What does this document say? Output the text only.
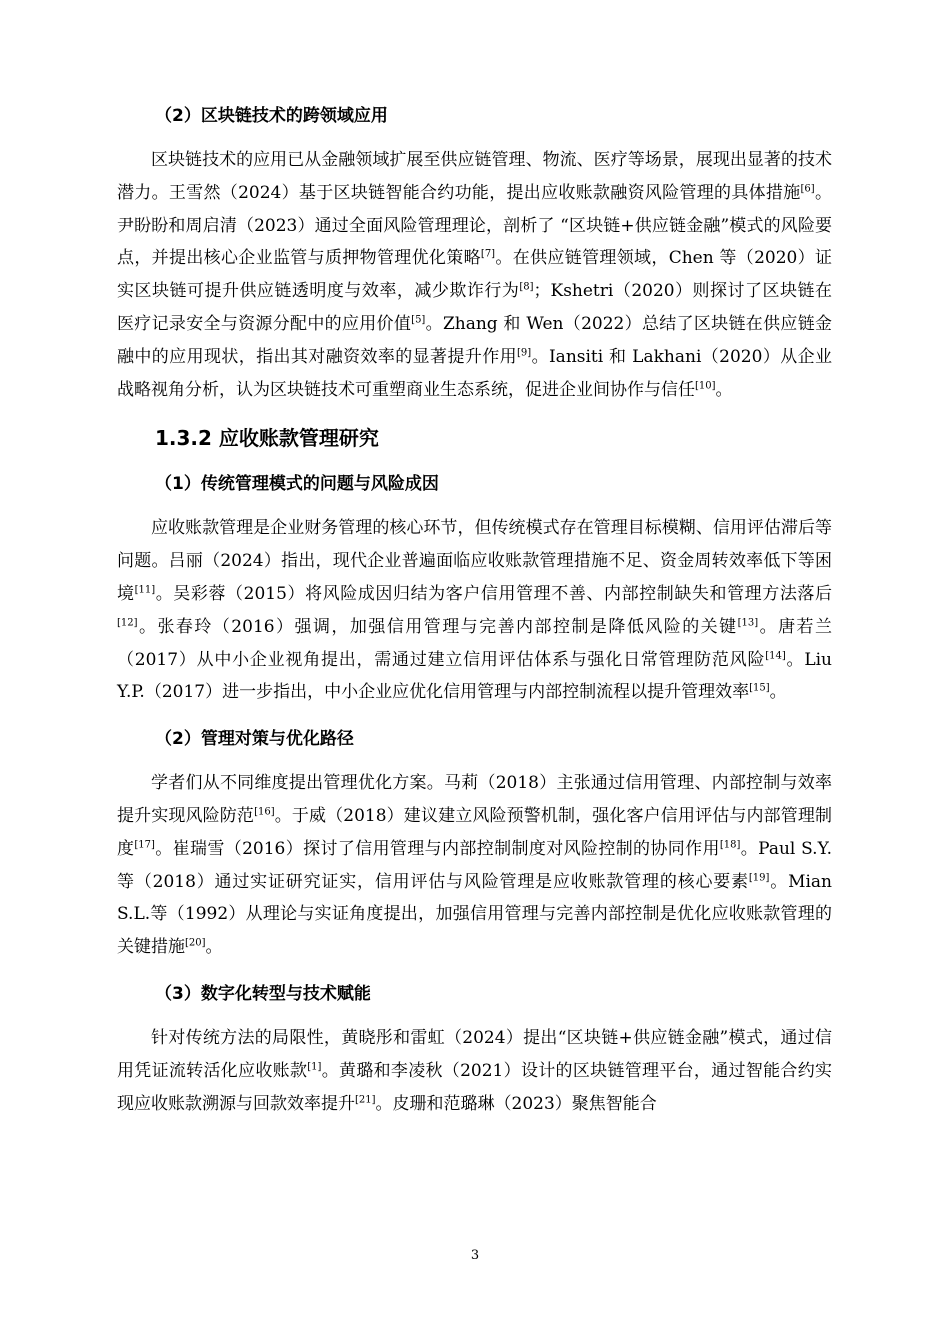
（2）区块链技术的跨领域应用

区块链技术的应用已从金融领域扩展至供应链管理、物流、医疗等场景，展现出显著的技术潜力。王雪然（2024）基于区块链智能合约功能，提出应收账款融资风险管理的具体措施[6]。尹盼盼和周启清（2023）通过全面风险管理理论，剖析了 “区块链+供应链金融”模式的风险要点，并提出核心企业监管与质押物管理优化策略[7]。在供应链管理领域，Chen 等（2020）证实区块链可提升供应链透明度与效率，减少欺诈行为[8]；Kshetri（2020）则探讨了区块链在医疗记录安全与资源分配中的应用价值[5]。Zhang 和 Wen（2022）总结了区块链在供应链金融中的应用现状，指出其对融资效率的显著提升作用[9]。Iansiti 和 Lakhani（2020）从企业战略视角分析，认为区块链技术可重塑商业生态系统，促进企业间协作与信任[10]。

1.3.2 应收账款管理研究
（1）传统管理模式的问题与风险成因

应收账款管理是企业财务管理的核心环节，但传统模式存在管理目标模糊、信用评估滞后等问题。吕丽（2024）指出，现代企业普遍面临应收账款管理措施不足、资金周转效率低下等困境[11]。吴彩蓉（2015）将风险成因归结为客户信用管理不善、内部控制缺失和管理方法落后[12]。张春玲（2016）强调，加强信用管理与完善内部控制是降低风险的关键[13]。唐若兰（2017）从中小企业视角提出，需通过建立信用评估体系与强化日常管理防范风险[14]。Liu Y.P.（2017）进一步指出，中小企业应优化信用管理与内部控制流程以提升管理效率[15]。

（2）管理对策与优化路径

学者们从不同维度提出管理优化方案。马莉（2018）主张通过信用管理、内部控制与效率提升实现风险防范[16]。于威（2018）建议建立风险预警机制，强化客户信用评估与内部管理制度[17]。崔瑞雪（2016）探讨了信用管理与内部控制制度对风险控制的协同作用[18]。Paul S.Y.等（2018）通过实证研究证实，信用评估与风险管理是应收账款管理的核心要素[19]。Mian S.L.等（1992）从理论与实证角度提出，加强信用管理与完善内部控制是优化应收账款管理的关键措施[20]。

（3）数字化转型与技术赋能

针对传统方法的局限性，黄晓彤和雷虹（2024）提出“区块链+供应链金融”模式，通过信用凭证流转活化应收账款[1]。黄璐和李凌秋（2021）设计的区块链管理平台，通过智能合约实现应收账款溯源与回款效率提升[21]。皮珊和范璐琳（2023）聚焦智能合

3
